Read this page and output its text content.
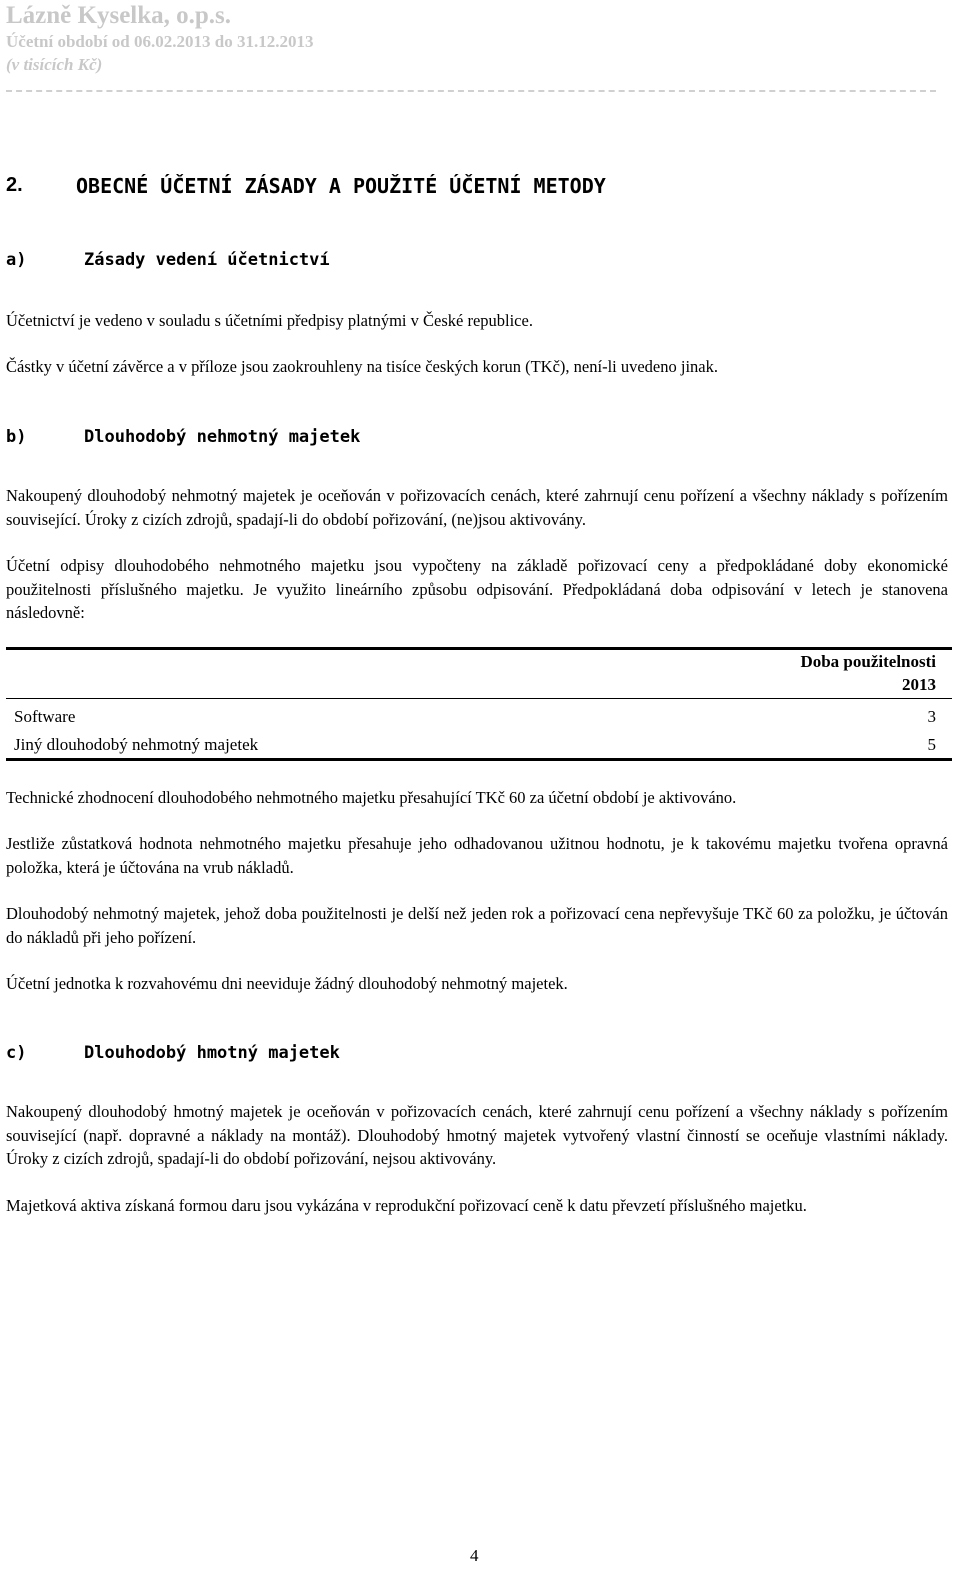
Lázně Kyselka, o.p.s.
Účetní období od 06.02.2013 do 31.12.2013
(v tisících Kč)
2.	OBECNÉ ÚČETNÍ ZÁSADY A POUŽITÉ ÚČETNÍ METODY
a)	Zásady vedení účetnictví
Účetnictví je vedeno v souladu s účetními předpisy platnými v České republice.
Částky v účetní závěrce a v příloze jsou zaokrouhleny na tisíce českých korun (TKč), není-li uvedeno jinak.
b)	Dlouhodobý nehmotný majetek
Nakoupený dlouhodobý nehmotný majetek je oceňován v pořizovacích cenách, které zahrnují cenu pořízení a všechny náklady s pořízením související. Úroky z cizích zdrojů, spadají-li do období pořizování, (ne)jsou aktivovány.
Účetní odpisy dlouhodobého nehmotného majetku jsou vypočteny na základě pořizovací ceny a předpokládané doby ekonomické použitelnosti příslušného majetku. Je využito lineárního způsobu odpisování. Předpokládaná doba odpisování v letech je stanovena následovně:
Doba použitelnosti
2013
Software	3
Jiný dlouhodobý nehmotný majetek	5
Technické zhodnocení dlouhodobého nehmotného majetku přesahující TKč 60 za účetní období je aktivováno.
Jestliže zůstatková hodnota nehmotného majetku přesahuje jeho odhadovanou užitnou hodnotu, je k takovému majetku tvořena opravná položka, která je účtována na vrub nákladů.
Dlouhodobý nehmotný majetek, jehož doba použitelnosti je delší než jeden rok a pořizovací cena nepřevyšuje TKč 60 za položku, je účtován do nákladů při jeho pořízení.
Účetní jednotka k rozvahovému dni neeviduje žádný dlouhodobý nehmotný majetek.
c)	Dlouhodobý hmotný majetek
Nakoupený dlouhodobý hmotný majetek je oceňován v pořizovacích cenách, které zahrnují cenu pořízení a všechny náklady s pořízením související (např. dopravné a náklady na montáž). Dlouhodobý hmotný majetek vytvořený vlastní činností se oceňuje vlastními náklady. Úroky z cizích zdrojů, spadají-li do období pořizování, nejsou aktivovány.
Majetková aktiva získaná formou daru jsou vykázána v reprodukční pořizovací ceně k datu převzetí příslušného majetku.
4
